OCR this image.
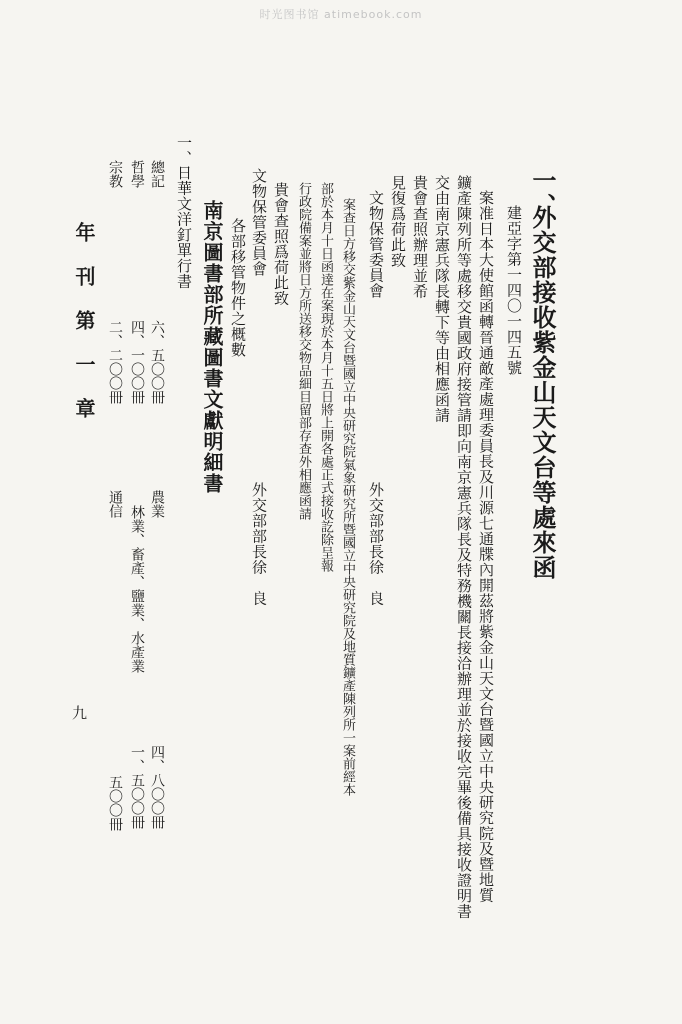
时光图书馆 atimebook.com
一、
外交部接收紫金山天文台等處來函
建亞字第一四〇一四五號
案准日本大使館函轉晉通敵產處理委員長及川源七通牒內開茲將紫金山天文台暨國立中央研究院及暨地質
鑛產陳列所等處移交貴國政府接管請即向南京憲兵隊長及特務機關長接洽辦理並於接收完畢後備具接收證明書
交由南京憲兵隊長轉下等由相應函請
貴會查照辦理並希
見復爲荷此致
文物保管委員會
外交部部長徐　良
案查日方移交紫金山天文台暨國立中央研究院氣象研究所暨國立中央研究院及地質鑛產陳列所一案前經本
部於本月十日函達在案現於本月十五日將上開各處正式接收訖除呈報
行政院備案並將日方所送移交物品細目留部存查外相應函請
貴會查照爲荷此致
文物保管委員會
外交部部長徐　良
各部移管物件之概數
南京圖書部所藏圖書文獻明細書
一、
日華文洋釘單行書
總記
六、五〇〇冊
哲學
四、一〇〇冊
宗教
二、二〇〇冊
農業
林業、畜產、鹽業、水產業
通信
四、八〇〇冊
一、五〇〇冊
五〇〇冊
年刊第一章
九
